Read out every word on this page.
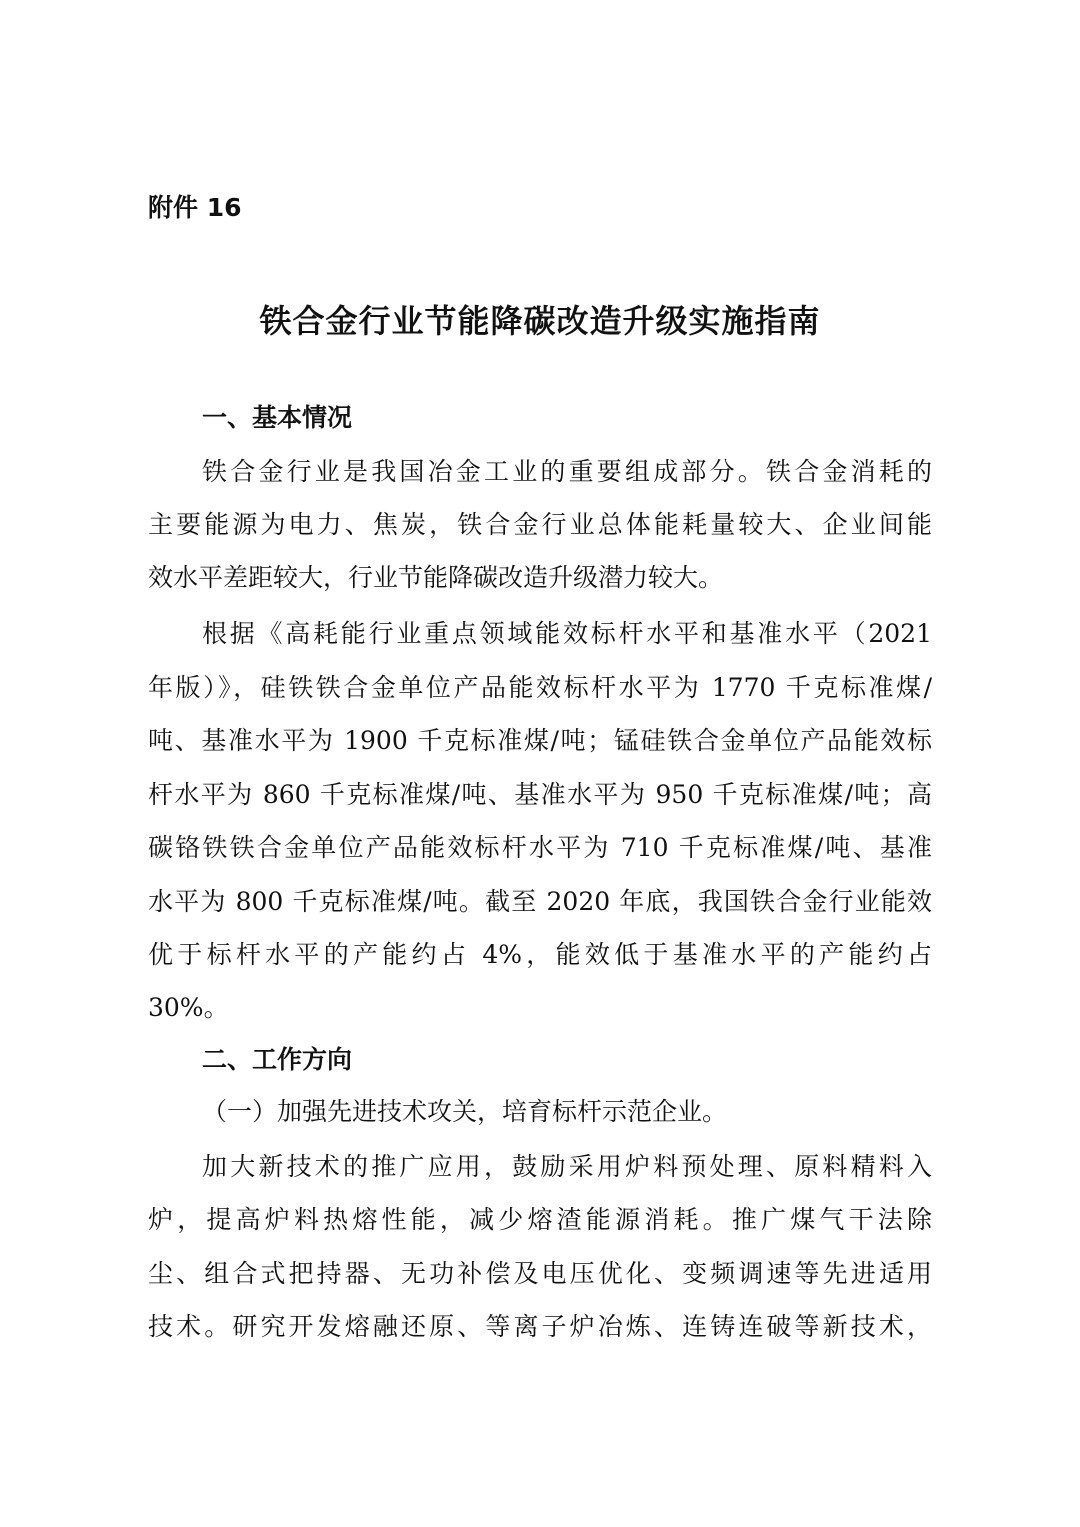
附件 16
铁合金行业节能降碳改造升级实施指南
一、基本情况
铁合金行业是我国冶金工业的重要组成部分。铁合金消耗的
主要能源为电力、焦炭，铁合金行业总体能耗量较大、企业间能
效水平差距较大，行业节能降碳改造升级潜力较大。
根据《高耗能行业重点领域能效标杆水平和基准水平（2021
年版）》，硅铁铁合金单位产品能效标杆水平为 1770 千克标准煤/
吨、基准水平为 1900 千克标准煤/吨；锰硅铁合金单位产品能效标
杆水平为 860 千克标准煤/吨、基准水平为 950 千克标准煤/吨；高
碳铬铁铁合金单位产品能效标杆水平为 710 千克标准煤/吨、基准
水平为 800 千克标准煤/吨。截至 2020 年底，我国铁合金行业能效
优于标杆水平的产能约占 4%，能效低于基准水平的产能约占
30%。
二、工作方向
（一）加强先进技术攻关，培育标杆示范企业。
加大新技术的推广应用，鼓励采用炉料预处理、原料精料入
炉，提高炉料热熔性能，减少熔渣能源消耗。推广煤气干法除
尘、组合式把持器、无功补偿及电压优化、变频调速等先进适用
技术。研究开发熔融还原、等离子炉冶炼、连铸连破等新技术，
